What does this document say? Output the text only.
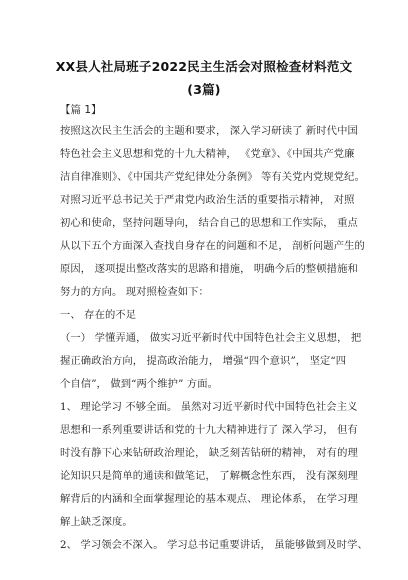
XX县人社局班子2022民主生活会对照检查材料范文
(3篇)
【篇 1】
按照这次民主生活会的主题和要求， 深入学习研读了 新时代中国
特色社会主义思想和党的十九大精神， 《党章》、《中国共产党廉
洁自律准则》、《中国共产党纪律处分条例》 等有关党内党规党纪。
对照习近平总书记关于严肃党内政治生活的重要指示精神， 对照
初心和使命，坚持问题导向， 结合自己的思想和工作实际， 重点
从以下五个方面深入查找自身存在的问题和不足， 剖析问题产生的
原因， 逐项提出整改落实的思路和措施， 明确今后的整顿措施和
努力的方向。 现对照检查如下：
一、 存在的不足
（一） 学懂弄通， 做实习近平新时代中国特色社会主义思想， 把
握正确政治方向， 提高政治能力， 增强“四个意识”， 坚定“四
个自信”， 做到“两个维护” 方面。
1、 理论学习 不够全面。 虽然对习近平新时代中国特色社会主义
思想和一系列重要讲话和党的十九大精神进行了 深入学习， 但有
时没有静下心来钻研政治理论， 缺乏刻苦钻研的精神， 对有的理
论知识只是简单的通读和做笔记， 了解概念性东西， 没有深刻理
解背后的内涵和全面掌握理论的基本观点、 理论体系， 在学习理
解上缺乏深度。
2、 学习领会不深入。 学习总书记重要讲话， 虽能够做到及时学、
